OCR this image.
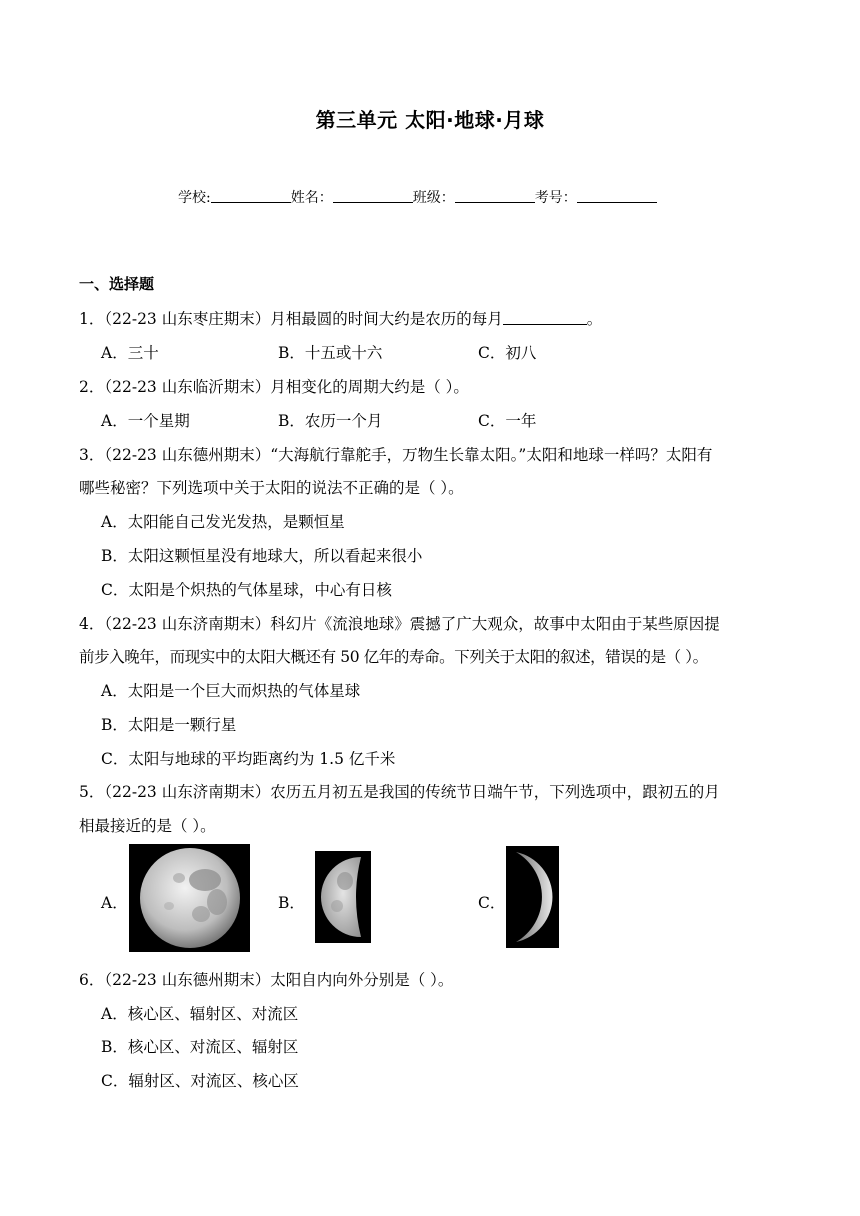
第三单元 太阳·地球·月球
学校:	姓名：	班级：	考号：
一、选择题
1．（22-23 山东枣庄期末）月相最圆的时间大约是农历的每月	。
A．三十	B．十五或十六	C．初八
2．（22-23 山东临沂期末）月相变化的周期大约是（ ）。
A．一个星期	B．农历一个月	C．一年
3．（22-23 山东德州期末）“大海航行靠舵手，万物生长靠太阳。”太阳和地球一样吗？太阳有
哪些秘密？下列选项中关于太阳的说法不正确的是（ ）。
A．太阳能自己发光发热，是颗恒星
B．太阳这颗恒星没有地球大，所以看起来很小
C．太阳是个炽热的气体星球，中心有日核
4．（22-23 山东济南期末）科幻片《流浪地球》震撼了广大观众，故事中太阳由于某些原因提
前步入晚年，而现实中的太阳大概还有 50 亿年的寿命。下列关于太阳的叙述，错误的是（ ）。
A．太阳是一个巨大而炽热的气体星球
B．太阳是一颗行星
C．太阳与地球的平均距离约为 1.5 亿千米
5．（22-23 山东济南期末）农历五月初五是我国的传统节日端午节，下列选项中，跟初五的月
相最接近的是（ ）。
A．	B．	C．
6．（22-23 山东德州期末）太阳自内向外分别是（ ）。
A．核心区、辐射区、对流区
B．核心区、对流区、辐射区
C．辐射区、对流区、核心区
